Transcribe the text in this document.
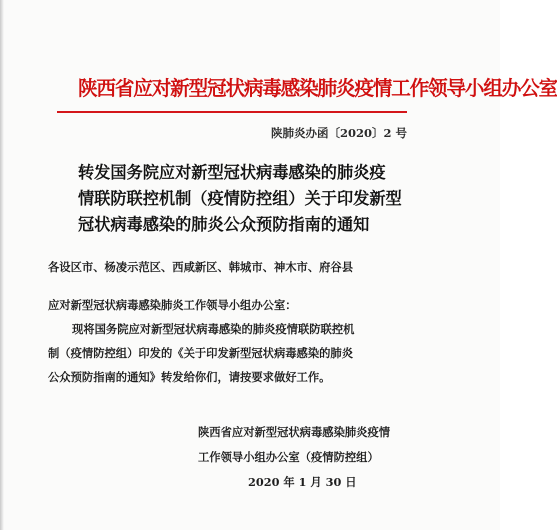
陕西省应对新型冠状病毒感染肺炎疫情工作领导小组办公室
陕肺炎办函〔2020〕2 号
转发国务院应对新型冠状病毒感染的肺炎疫
情联防联控机制（疫情防控组）关于印发新型
冠状病毒感染的肺炎公众预防指南的通知
各设区市、杨凌示范区、西咸新区、韩城市、神木市、府谷县
应对新型冠状病毒感染肺炎工作领导小组办公室：
现将国务院应对新型冠状病毒感染的肺炎疫情联防联控机
制（疫情防控组）印发的《关于印发新型冠状病毒感染的肺炎
公众预防指南的通知》转发给你们，请按要求做好工作。
陕西省应对新型冠状病毒感染肺炎疫情
工作领导小组办公室（疫情防控组）
2020 年 1 月 30 日
